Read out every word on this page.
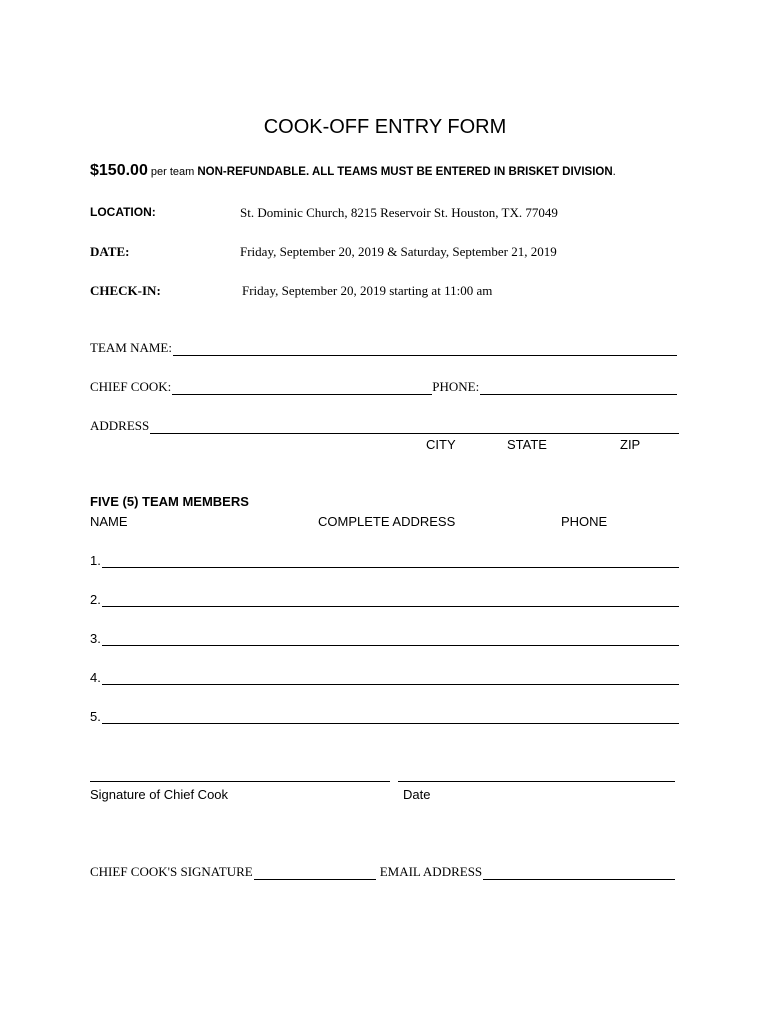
COOK-OFF ENTRY FORM
$150.00 per team NON-REFUNDABLE. ALL TEAMS MUST BE ENTERED IN BRISKET DIVISION.
LOCATION:	St. Dominic Church, 8215 Reservoir St. Houston, TX. 77049
DATE:	Friday, September 20, 2019 & Saturday, September 21, 2019
CHECK-IN:	Friday, September 20, 2019 starting at 11:00 am
TEAM NAME:
CHIEF COOK:	PHONE:
ADDRESS
CITY	STATE	ZIP
FIVE (5) TEAM MEMBERS
NAME	COMPLETE ADDRESS	PHONE
1.
2.
3.
4.
5.
Signature of Chief Cook	Date
CHIEF COOK'S SIGNATURE	EMAIL ADDRESS
